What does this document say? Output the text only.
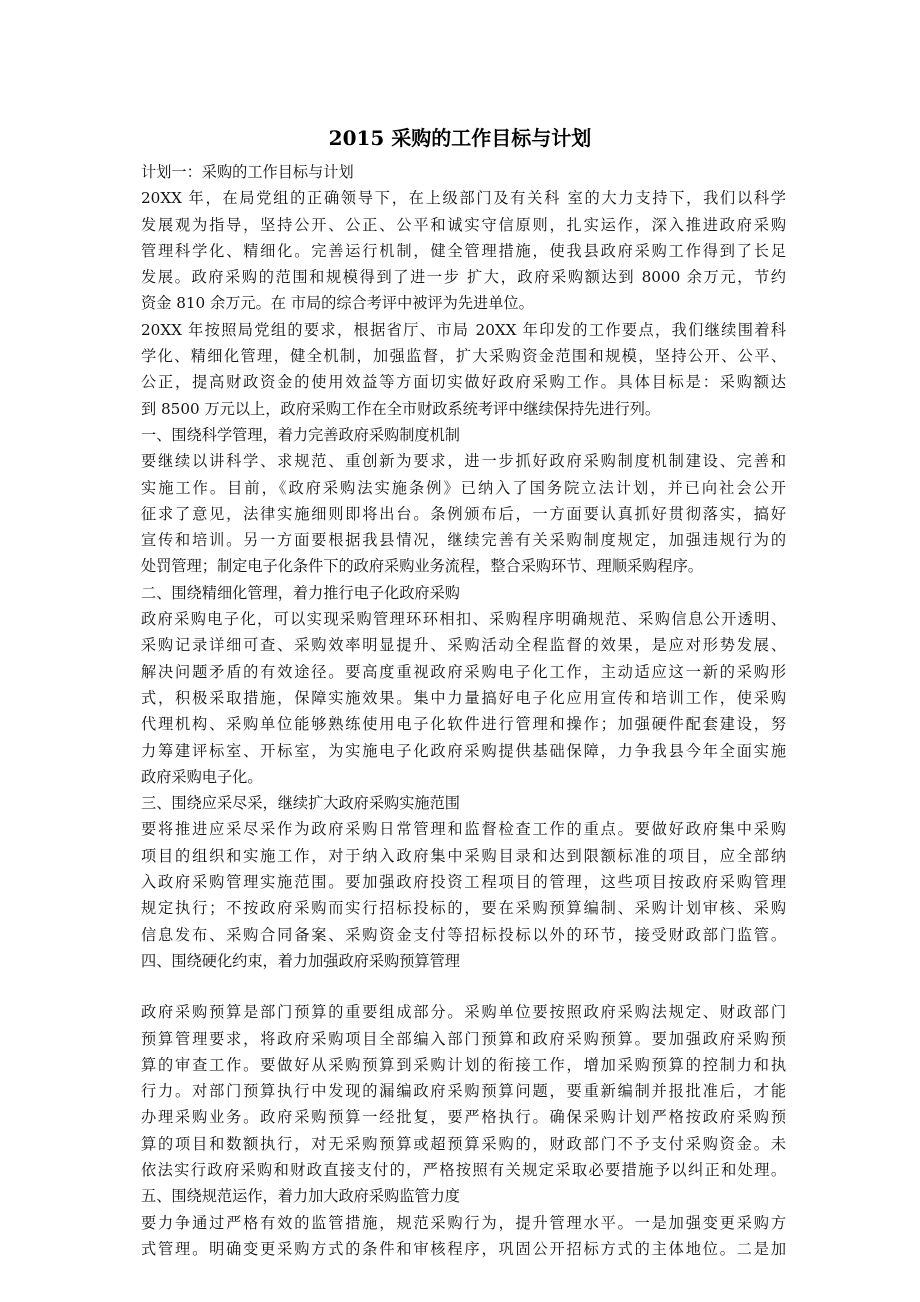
2015 采购的工作目标与计划
计划一：采购的工作目标与计划
20XX 年，在局党组的正确领导下，在上级部门及有关科 室的大力支持下，我们以科学
发展观为指导，坚持公开、公正、公平和诚实守信原则，扎实运作，深入推进政府采购
管理科学化、精细化。完善运行机制，健全管理措施，使我县政府采购工作得到了长足
发展。政府采购的范围和规模得到了进一步 扩大，政府采购额达到 8000 余万元，节约
资金 810 余万元。在 市局的综合考评中被评为先进单位。
20XX 年按照局党组的要求，根据省厅、市局 20XX 年印发的工作要点，我们继续围着科
学化、精细化管理，健全机制，加强监督，扩大采购资金范围和规模，坚持公开、公平、
公正，提高财政资金的使用效益等方面切实做好政府采购工作。具体目标是：采购额达
到 8500 万元以上，政府采购工作在全市财政系统考评中继续保持先进行列。
一、围绕科学管理，着力完善政府采购制度机制
要继续以讲科学、求规范、重创新为要求，进一步抓好政府采购制度机制建设、完善和
实施工作。目前，《政府采购法实施条例》已纳入了国务院立法计划，并已向社会公开
征求了意见，法律实施细则即将出台。条例颁布后，一方面要认真抓好贯彻落实，搞好
宣传和培训。另一方面要根据我县情况，继续完善有关采购制度规定，加强违规行为的
处罚管理；制定电子化条件下的政府采购业务流程，整合采购环节、理顺采购程序。
二、围绕精细化管理，着力推行电子化政府采购
政府采购电子化，可以实现采购管理环环相扣、采购程序明确规范、采购信息公开透明、
采购记录详细可查、采购效率明显提升、采购活动全程监督的效果，是应对形势发展、
解决问题矛盾的有效途径。要高度重视政府采购电子化工作，主动适应这一新的采购形
式，积极采取措施，保障实施效果。集中力量搞好电子化应用宣传和培训工作，使采购
代理机构、采购单位能够熟练使用电子化软件进行管理和操作；加强硬件配套建设，努
力筹建评标室、开标室，为实施电子化政府采购提供基础保障，力争我县今年全面实施
政府采购电子化。
三、围绕应采尽采，继续扩大政府采购实施范围
要将推进应采尽采作为政府采购日常管理和监督检查工作的重点。要做好政府集中采购
项目的组织和实施工作，对于纳入政府集中采购目录和达到限额标准的项目，应全部纳
入政府采购管理实施范围。要加强政府投资工程项目的管理，这些项目按政府采购管理
规定执行；不按政府采购而实行招标投标的，要在采购预算编制、采购计划审核、采购
信息发布、采购合同备案、采购资金支付等招标投标以外的环节，接受财政部门监管。
四、围绕硬化约束，着力加强政府采购预算管理
政府采购预算是部门预算的重要组成部分。采购单位要按照政府采购法规定、财政部门
预算管理要求，将政府采购项目全部编入部门预算和政府采购预算。要加强政府采购预
算的审查工作。要做好从采购预算到采购计划的衔接工作，增加采购预算的控制力和执
行力。对部门预算执行中发现的漏编政府采购预算问题，要重新编制并报批准后，才能
办理采购业务。政府采购预算一经批复，要严格执行。确保采购计划严格按政府采购预
算的项目和数额执行，对无采购预算或超预算采购的，财政部门不予支付采购资金。未
依法实行政府采购和财政直接支付的，严格按照有关规定采取必要措施予以纠正和处理。
五、围绕规范运作，着力加大政府采购监管力度
要力争通过严格有效的监管措施，规范采购行为，提升管理水平。一是加强变更采购方
式管理。明确变更采购方式的条件和审核程序，巩固公开招标方式的主体地位。二是加
